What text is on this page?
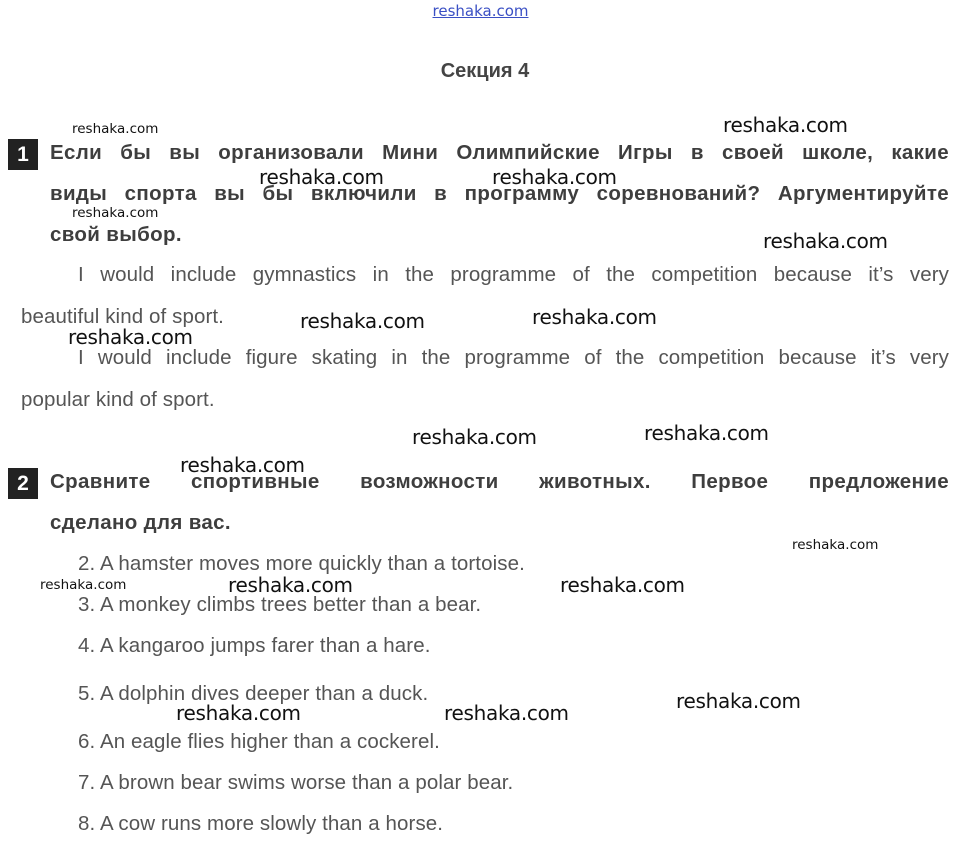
reshaka.com
Секция 4
1	Если бы вы организовали Мини Олимпийские Игры в своей школе, какие
виды спорта вы бы включили в программу соревнований? Аргументируйте
свой выбор.
I would include gymnastics in the programme of the competition because it’s very
beautiful kind of sport.
I would include figure skating in the programme of the competition because it’s very
popular kind of sport.
2	Сравните спортивные возможности животных. Первое предложение
сделано для вас.
2. A hamster moves more quickly than a tortoise.
3. A monkey climbs trees better than a bear.
4. A kangaroo jumps farer than a hare.
5. A dolphin dives deeper than a duck.
6. An eagle flies higher than a cockerel.
7. A brown bear swims worse than a polar bear.
8. A cow runs more slowly than a horse.
reshaka.com	reshaka.com
reshaka.com	reshaka.com
reshaka.com
reshaka.com
reshaka.com	reshaka.com
reshaka.com
reshaka.com	reshaka.com
reshaka.com
reshaka.com
reshaka.com	reshaka.com	reshaka.com
reshaka.com
reshaka.com	reshaka.com
